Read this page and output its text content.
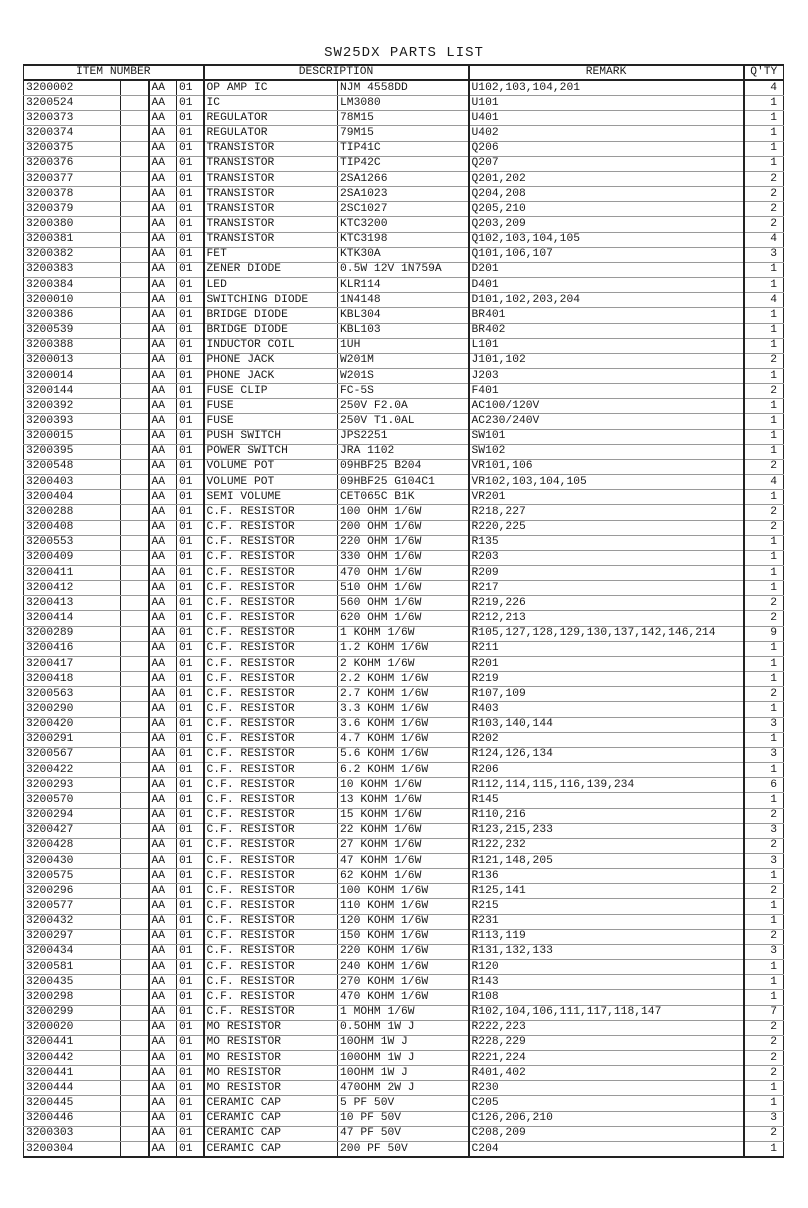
SW25DX PARTS LIST
ITEM NUMBER				DESCRIPTION		REMARK	Q'TY
3200002		AA	01	OP AMP IC	NJM 4558DD	U102,103,104,201	4
3200524		AA	01	IC	LM3080	U101	1
3200373		AA	01	REGULATOR	78M15	U401	1
3200374		AA	01	REGULATOR	79M15	U402	1
3200375		AA	01	TRANSISTOR	TIP41C	Q206	1
3200376		AA	01	TRANSISTOR	TIP42C	Q207	1
3200377		AA	01	TRANSISTOR	2SA1266	Q201,202	2
3200378		AA	01	TRANSISTOR	2SA1023	Q204,208	2
3200379		AA	01	TRANSISTOR	2SC1027	Q205,210	2
3200380		AA	01	TRANSISTOR	KTC3200	Q203,209	2
3200381		AA	01	TRANSISTOR	KTC3198	Q102,103,104,105	4
3200382		AA	01	FET	KTK30A	Q101,106,107	3
3200383		AA	01	ZENER DIODE	0.5W 12V 1N759A	D201	1
3200384		AA	01	LED	KLR114	D401	1
3200010		AA	01	SWITCHING DIODE	1N4148	D101,102,203,204	4
3200386		AA	01	BRIDGE DIODE	KBL304	BR401	1
3200539		AA	01	BRIDGE DIODE	KBL103	BR402	1
3200388		AA	01	INDUCTOR COIL	1UH	L101	1
3200013		AA	01	PHONE JACK	W201M	J101,102	2
3200014		AA	01	PHONE JACK	W201S	J203	1
3200144		AA	01	FUSE CLIP	FC-5S	F401	2
3200392		AA	01	FUSE	250V F2.0A	AC100/120V	1
3200393		AA	01	FUSE	250V T1.0AL	AC230/240V	1
3200015		AA	01	PUSH SWITCH	JPS2251	SW101	1
3200395		AA	01	POWER SWITCH	JRA 1102	SW102	1
3200548		AA	01	VOLUME POT	09HBF25 B204	VR101,106	2
3200403		AA	01	VOLUME POT	09HBF25 G104C1	VR102,103,104,105	4
3200404		AA	01	SEMI VOLUME	CET065C B1K	VR201	1
3200288		AA	01	C.F. RESISTOR	100 OHM 1/6W	R218,227	2
3200408		AA	01	C.F. RESISTOR	200 OHM 1/6W	R220,225	2
3200553		AA	01	C.F. RESISTOR	220 OHM 1/6W	R135	1
3200409		AA	01	C.F. RESISTOR	330 OHM 1/6W	R203	1
3200411		AA	01	C.F. RESISTOR	470 OHM 1/6W	R209	1
3200412		AA	01	C.F. RESISTOR	510 OHM 1/6W	R217	1
3200413		AA	01	C.F. RESISTOR	560 OHM 1/6W	R219,226	2
3200414		AA	01	C.F. RESISTOR	620 OHM 1/6W	R212,213	2
3200289		AA	01	C.F. RESISTOR	1 KOHM 1/6W	R105,127,128,129,130,137,142,146,214	9
3200416		AA	01	C.F. RESISTOR	1.2 KOHM 1/6W	R211	1
3200417		AA	01	C.F. RESISTOR	2 KOHM 1/6W	R201	1
3200418		AA	01	C.F. RESISTOR	2.2 KOHM 1/6W	R219	1
3200563		AA	01	C.F. RESISTOR	2.7 KOHM 1/6W	R107,109	2
3200290		AA	01	C.F. RESISTOR	3.3 KOHM 1/6W	R403	1
3200420		AA	01	C.F. RESISTOR	3.6 KOHM 1/6W	R103,140,144	3
3200291		AA	01	C.F. RESISTOR	4.7 KOHM 1/6W	R202	1
3200567		AA	01	C.F. RESISTOR	5.6 KOHM 1/6W	R124,126,134	3
3200422		AA	01	C.F. RESISTOR	6.2 KOHM 1/6W	R206	1
3200293		AA	01	C.F. RESISTOR	10 KOHM 1/6W	R112,114,115,116,139,234	6
3200570		AA	01	C.F. RESISTOR	13 KOHM 1/6W	R145	1
3200294		AA	01	C.F. RESISTOR	15 KOHM 1/6W	R110,216	2
3200427		AA	01	C.F. RESISTOR	22 KOHM 1/6W	R123,215,233	3
3200428		AA	01	C.F. RESISTOR	27 KOHM 1/6W	R122,232	2
3200430		AA	01	C.F. RESISTOR	47 KOHM 1/6W	R121,148,205	3
3200575		AA	01	C.F. RESISTOR	62 KOHM 1/6W	R136	1
3200296		AA	01	C.F. RESISTOR	100 KOHM 1/6W	R125,141	2
3200577		AA	01	C.F. RESISTOR	110 KOHM 1/6W	R215	1
3200432		AA	01	C.F. RESISTOR	120 KOHM 1/6W	R231	1
3200297		AA	01	C.F. RESISTOR	150 KOHM 1/6W	R113,119	2
3200434		AA	01	C.F. RESISTOR	220 KOHM 1/6W	R131,132,133	3
3200581		AA	01	C.F. RESISTOR	240 KOHM 1/6W	R120	1
3200435		AA	01	C.F. RESISTOR	270 KOHM 1/6W	R143	1
3200298		AA	01	C.F. RESISTOR	470 KOHM 1/6W	R108	1
3200299		AA	01	C.F. RESISTOR	1 MOHM 1/6W	R102,104,106,111,117,118,147	7
3200020		AA	01	MO RESISTOR	0.5OHM 1W J	R222,223	2
3200441		AA	01	MO RESISTOR	10OHM 1W J	R228,229	2
3200442		AA	01	MO RESISTOR	100OHM 1W J	R221,224	2
3200441		AA	01	MO RESISTOR	10OHM 1W J	R401,402	2
3200444		AA	01	MO RESISTOR	470OHM 2W J	R230	1
3200445		AA	01	CERAMIC CAP	5 PF 50V	C205	1
3200446		AA	01	CERAMIC CAP	10 PF 50V	C126,206,210	3
3200303		AA	01	CERAMIC CAP	47 PF 50V	C208,209	2
3200304		AA	01	CERAMIC CAP	200 PF 50V	C204	1
